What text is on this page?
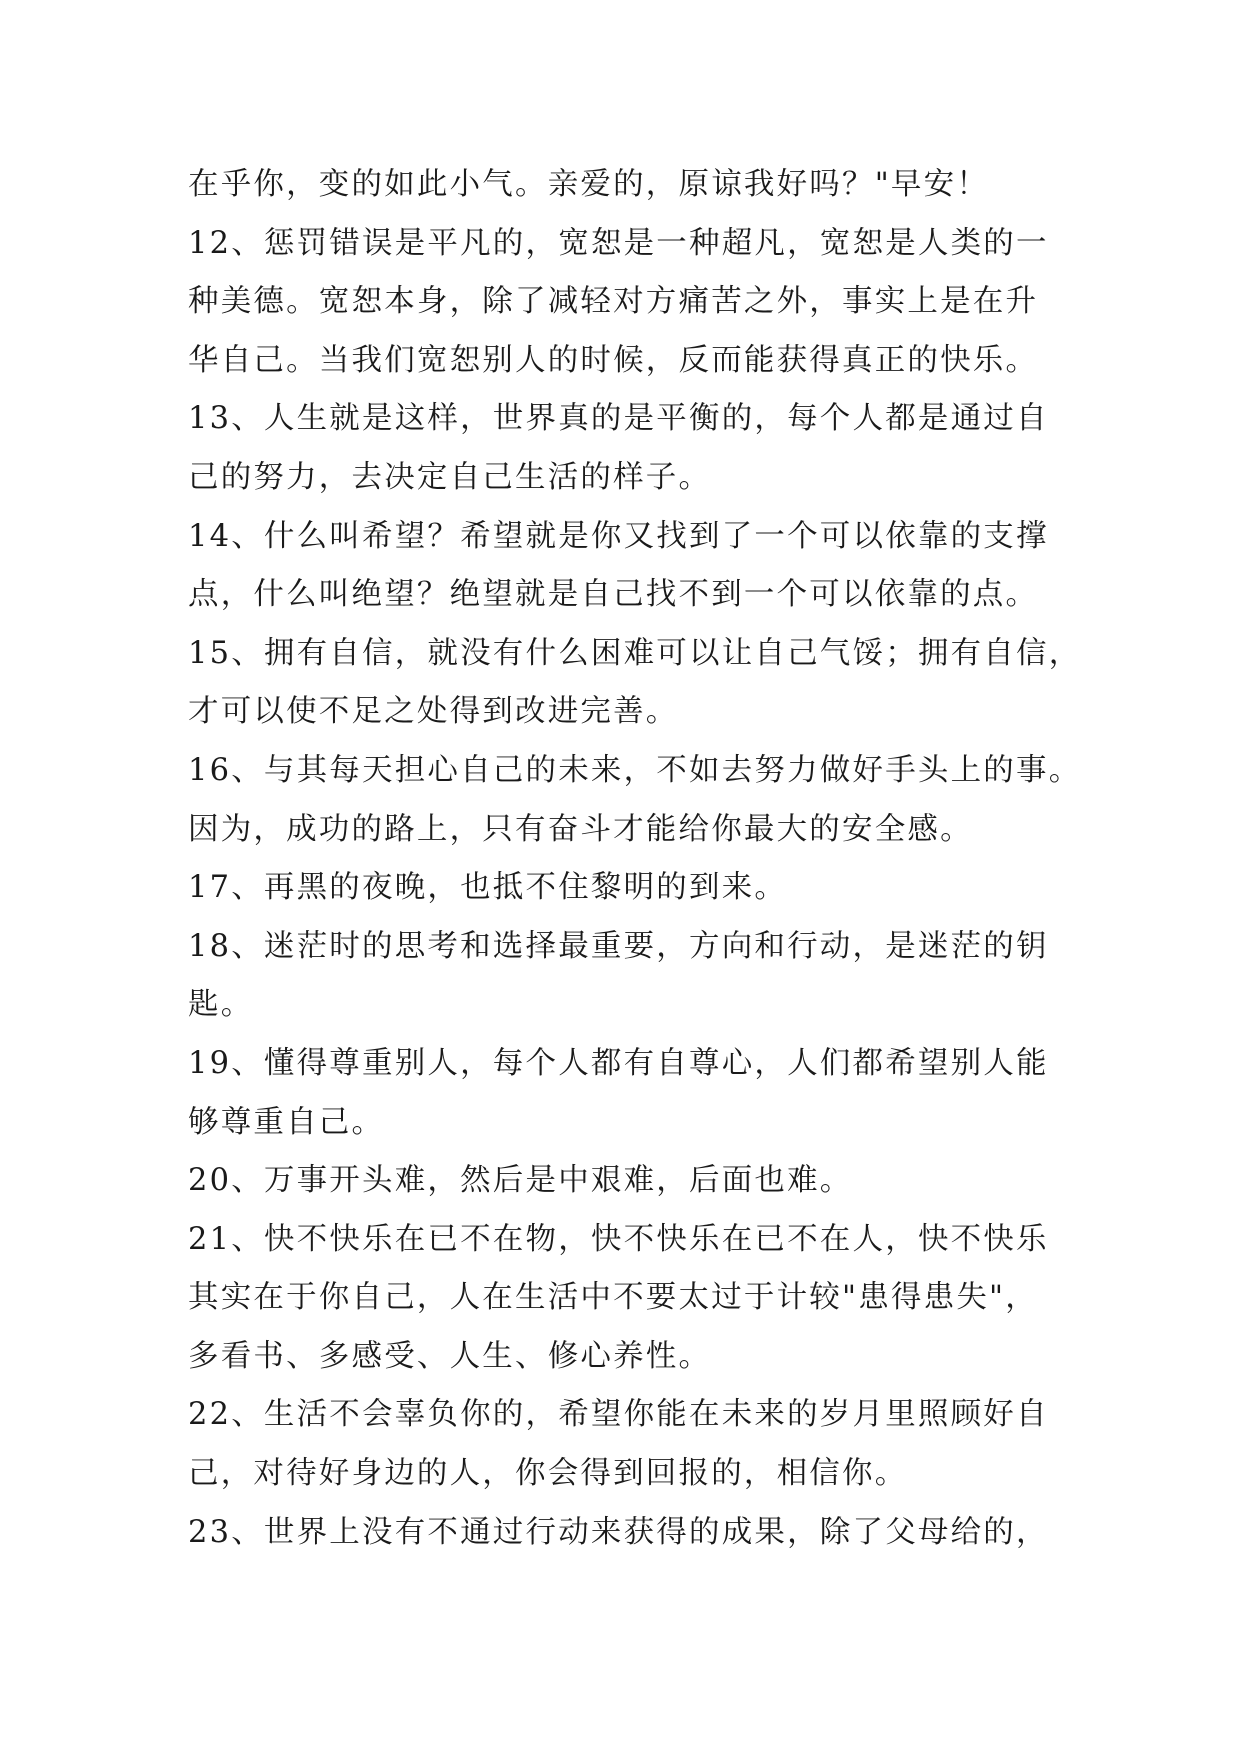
在乎你，变的如此小气。亲爱的，原谅我好吗？"早安！
12、惩罚错误是平凡的，宽恕是一种超凡，宽恕是人类的一
种美德。宽恕本身，除了减轻对方痛苦之外，事实上是在升
华自己。当我们宽恕别人的时候，反而能获得真正的快乐。
13、人生就是这样，世界真的是平衡的，每个人都是通过自
己的努力，去决定自己生活的样子。
14、什么叫希望？希望就是你又找到了一个可以依靠的支撑
点，什么叫绝望？绝望就是自己找不到一个可以依靠的点。
15、拥有自信，就没有什么困难可以让自己气馁；拥有自信，
才可以使不足之处得到改进完善。
16、与其每天担心自己的未来，不如去努力做好手头上的事。
因为，成功的路上，只有奋斗才能给你最大的安全感。
17、再黑的夜晚，也抵不住黎明的到来。
18、迷茫时的思考和选择最重要，方向和行动，是迷茫的钥
匙。
19、懂得尊重别人，每个人都有自尊心，人们都希望别人能
够尊重自己。
20、万事开头难，然后是中艰难，后面也难。
21、快不快乐在已不在物，快不快乐在已不在人，快不快乐
其实在于你自己，人在生活中不要太过于计较"患得患失"，
多看书、多感受、人生、修心养性。
22、生活不会辜负你的，希望你能在未来的岁月里照顾好自
己，对待好身边的人，你会得到回报的，相信你。
23、世界上没有不通过行动来获得的成果，除了父母给的，
